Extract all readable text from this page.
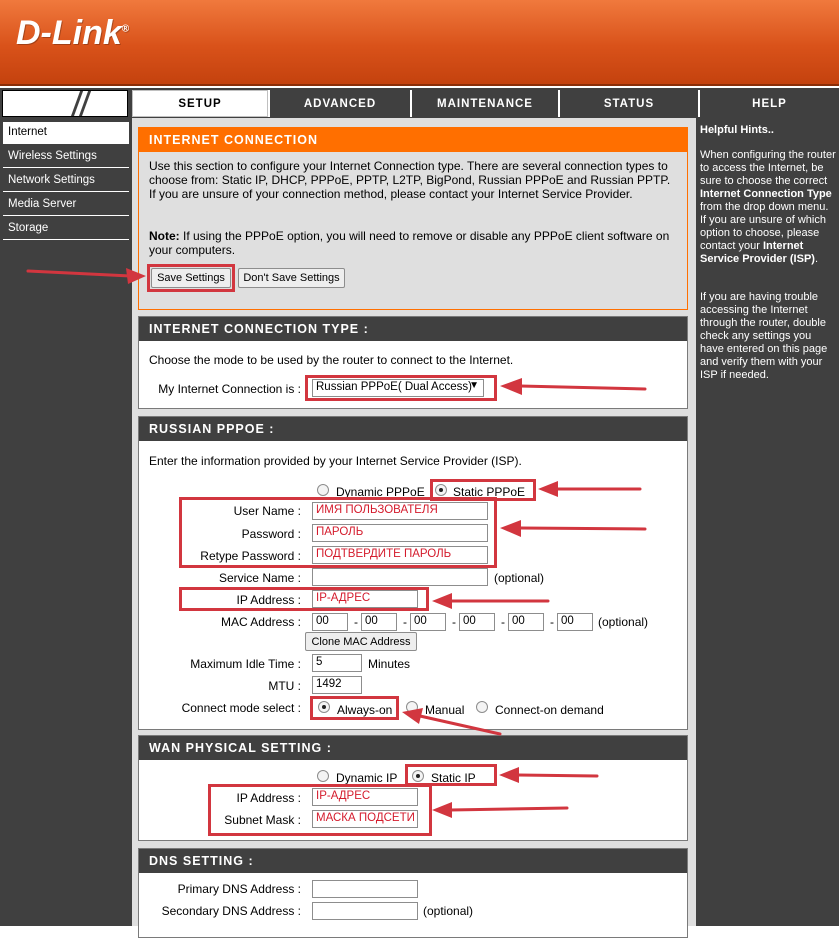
D-Link®
SETUP	ADVANCED	MAINTENANCE	STATUS	HELP
Internet
Wireless Settings
Network Settings
Media Server
Storage
INTERNET CONNECTION
Use this section to configure your Internet Connection type. There are several connection types to choose from: Static IP, DHCP, PPPoE, PPTP, L2TP, BigPond, Russian PPPoE and Russian PPTP. If you are unsure of your connection method, please contact your Internet Service Provider.
Note: If using the PPPoE option, you will need to remove or disable any PPPoE client software on your computers.
Save Settings	Don't Save Settings
INTERNET CONNECTION TYPE :
Choose the mode to be used by the router to connect to the Internet.
My Internet Connection is :	Russian PPPoE( Dual Access)
▼
RUSSIAN PPPOE :
Enter the information provided by your Internet Service Provider (ISP).
Dynamic PPPoE Static PPPoE
User Name :	ИМЯ ПОЛЬЗОВАТЕЛЯ
Password :	ПАРОЛЬ
Retype Password :	ПОДТВЕРДИТЕ ПАРОЛЬ
Service Name :	(optional)
IP Address :	IP-АДРЕС
MAC Address :	00	- 00	- 00	- 00	- 00	- 00	(optional)
Clone MAC Address
Maximum Idle Time :	5	Minutes
MTU :	1492
Connect mode select :	Always-on	Manual	Connect-on demand
WAN PHYSICAL SETTING :
Dynamic IP	Static IP
IP Address :	IP-АДРЕС
Subnet Mask :	МАСКА ПОДСЕТИ
DNS SETTING :
Primary DNS Address :
Secondary DNS Address :	(optional)
Helpful Hints..
When configuring the router to access the Internet, be sure to choose the correct Internet Connection Type from the drop down menu. If you are unsure of which option to choose, please contact your Internet Service Provider (ISP).
If you are having trouble accessing the Internet through the router, double check any settings you have entered on this page and verify them with your ISP if needed.
